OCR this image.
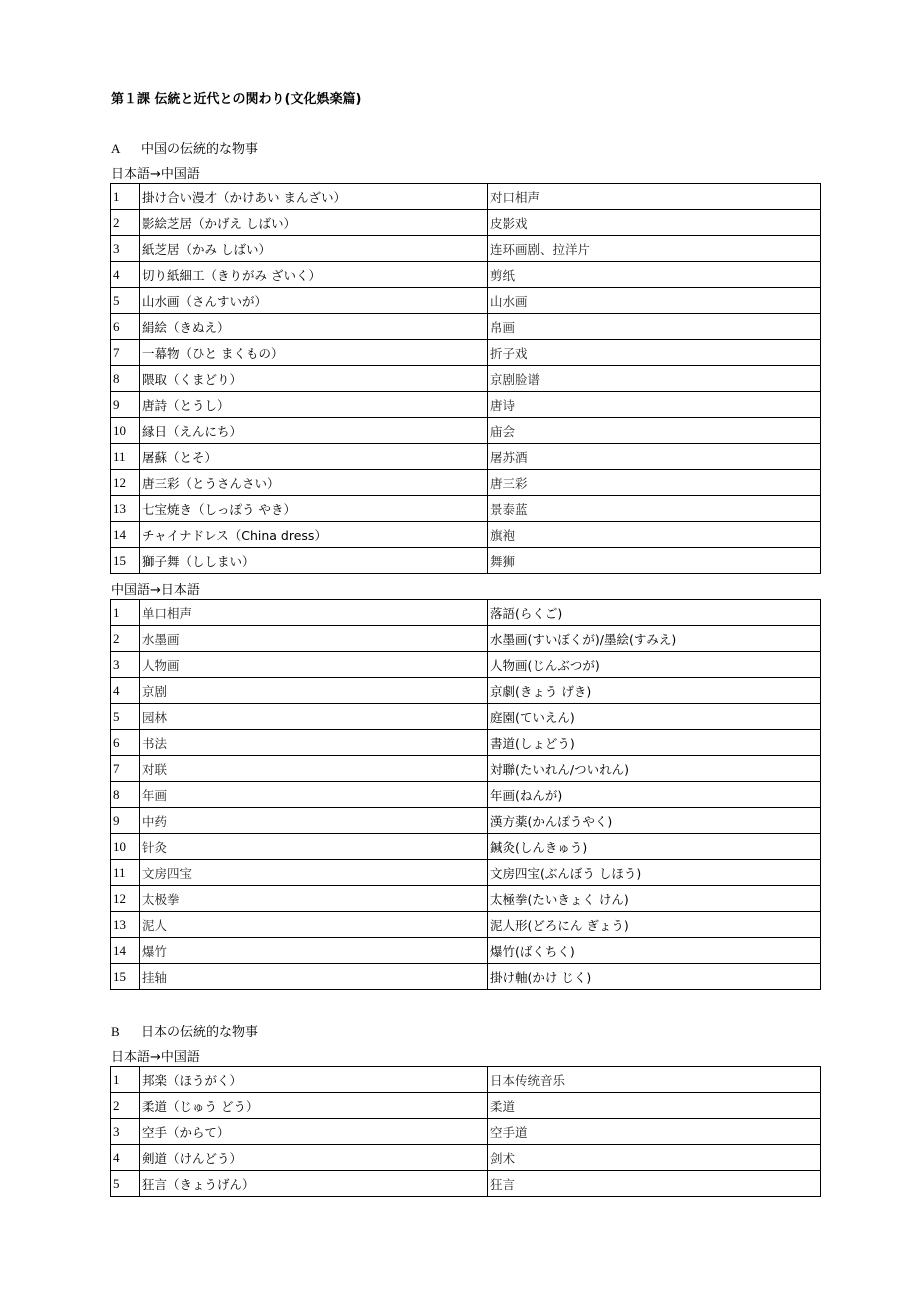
第１課 伝統と近代との関わり(文化娯楽篇)
A 中国の伝統的な物事
日本語→中国語
1	掛け合い漫才（かけあい まんざい）	对口相声
2	影絵芝居（かげえ しばい）	皮影戏
3	紙芝居（かみ しばい）	连环画剧、拉洋片
4	切り紙細工（きりがみ ざいく）	剪纸
5	山水画（さんすいが）	山水画
6	絹絵（きぬえ）	帛画
7	一幕物（ひと まくもの）	折子戏
8	隈取（くまどり）	京剧脸谱
9	唐詩（とうし）	唐诗
10	縁日（えんにち）	庙会
11	屠蘇（とそ）	屠苏酒
12	唐三彩（とうさんさい）	唐三彩
13	七宝焼き（しっぽう やき）	景泰蓝
14	チャイナドレス（China dress）	旗袍
15	獅子舞（ししまい）	舞狮
中国語→日本語
1	单口相声	落語(らくご)
2	水墨画	水墨画(すいぼくが)/墨絵(すみえ)
3	人物画	人物画(じんぶつが)
4	京剧	京劇(きょう げき)
5	园林	庭園(ていえん)
6	书法	書道(しょどう)
7	对联	対聯(たいれん/ついれん)
8	年画	年画(ねんが)
9	中药	漢方薬(かんぽうやく)
10	针灸	鍼灸(しんきゅう)
11	文房四宝	文房四宝(ぶんぼう しほう)
12	太极拳	太極拳(たいきょく けん)
13	泥人	泥人形(どろにん ぎょう)
14	爆竹	爆竹(ばくちく)
15	挂轴	掛け軸(かけ じく)
B 日本の伝統的な物事
日本語→中国語
1	邦楽（ほうがく）	日本传统音乐
2	柔道（じゅう どう）	柔道
3	空手（からて）	空手道
4	剣道（けんどう）	剑术
5	狂言（きょうげん）	狂言
